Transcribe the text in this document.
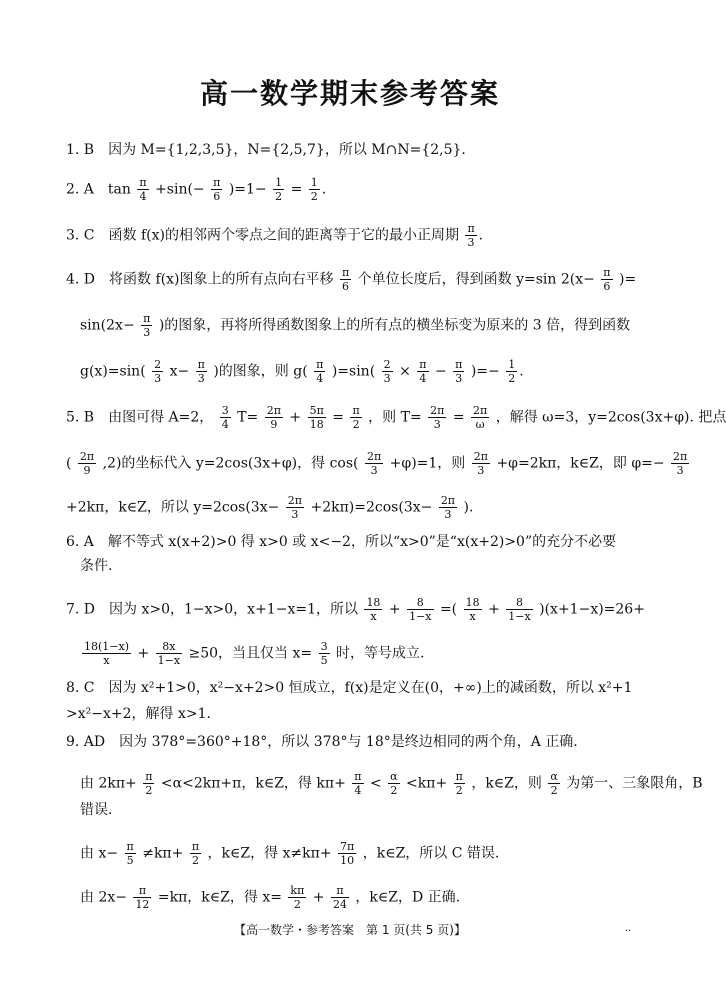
高一数学期末参考答案
1. B　因为 M={1,2,3,5}，N={2,5,7}，所以 M∩N={2,5}.
2. A　$\tan \frac{\pi}{4} +\sin(- \frac{\pi}{6} )=1- \frac{1}{2} = \frac{1}{2}$ .
3. C　函数 f(x)的相邻两个零点之间的距离等于它的最小正周期 $\frac{\pi}{3}$ .
4. D　将函数 f(x)图象上的所有点向右平移 $\frac{\pi}{6}$ 个单位长度后，得到函数 y=sin $2(x- \frac{\pi}{6}$ )=
$\sin(2x- \frac{\pi}{3}$ )的图象，再将所得函数图象上的所有点的横坐标变为原来的 3 倍，得到函数
$g(x)=\sin( \frac{2}{3} x- \frac{\pi}{3}$ )的图象，则 $g( \frac{\pi}{4} )=\sin( \frac{2}{3} \times \frac{\pi}{4} - \frac{\pi}{3}$ )=− $\frac{1}{2}$ .
5. B　由图可得 A=2， $\frac{3}{4} T= \frac{2\pi}{9} + \frac{5\pi}{18} = \frac{\pi}{2}$ ，则 $T= \frac{2\pi}{3} = \frac{2\pi}{\omega}$ ，解得 ω=3，y=2cos(3x+φ). 把点
( $\frac{2\pi}{9} ,2$)的坐标代入 y=2cos(3x+φ)，得 $\cos( \frac{2\pi}{3} +\varphi)=1$，则 $\frac{2\pi}{3} +\varphi=2k\pi$，k∈Z，即 $\varphi=- \frac{2\pi}{3}$
+2kπ，k∈Z，所以 $y=2\cos(3x- \frac{2\pi}{3} +2k\pi)=2\cos(3x- \frac{2\pi}{3}$ ).
6. A　解不等式 x(x+2)>0 得 x>0 或 x<−2，所以“x>0”是“x(x+2)>0”的充分不必要
条件.
7. D　因为 x>0，1−x>0，x+1−x=1，所以 $\frac{18}{x} + \frac{8}{1-x}$ =( $\frac{18}{x} + \frac{8}{1-x} )(x+1-x)=26+$
$\frac{18(1-x)}{x} + \frac{8x}{1-x} \ge 50$，当且仅当 $x= \frac{3}{5}$ 时，等号成立.
8. C　因为 x²+1>0，x²−x+2>0 恒成立，f(x)是定义在(0，+∞)上的减函数，所以 x²+1
>x²−x+2，解得 x>1.
9. AD　因为 378°=360°+18°，所以 378°与 18°是终边相同的两个角，A 正确.
由 $2k\pi+ \frac{\pi}{2} <\alpha<2k\pi+\pi$，k∈Z，得 $k\pi+ \frac{\pi}{4} < \frac{\alpha}{2} <k\pi+ \frac{\pi}{2}$ ，k∈Z，则 $\frac{\alpha}{2}$ 为第一、三象限角，B
错误.
由 $x- \frac{\pi}{5} \ne k\pi+ \frac{\pi}{2}$ ，k∈Z，得 $x\ne k\pi+ \frac{7\pi}{10}$ ，k∈Z，所以 C 错误.
由 $2x- \frac{\pi}{12} =k\pi$，k∈Z，得 $x= \frac{k\pi}{2} + \frac{\pi}{24}$ ，k∈Z，D 正确.
【高一数学・参考答案　第 1 页(共 5 页)】	··
